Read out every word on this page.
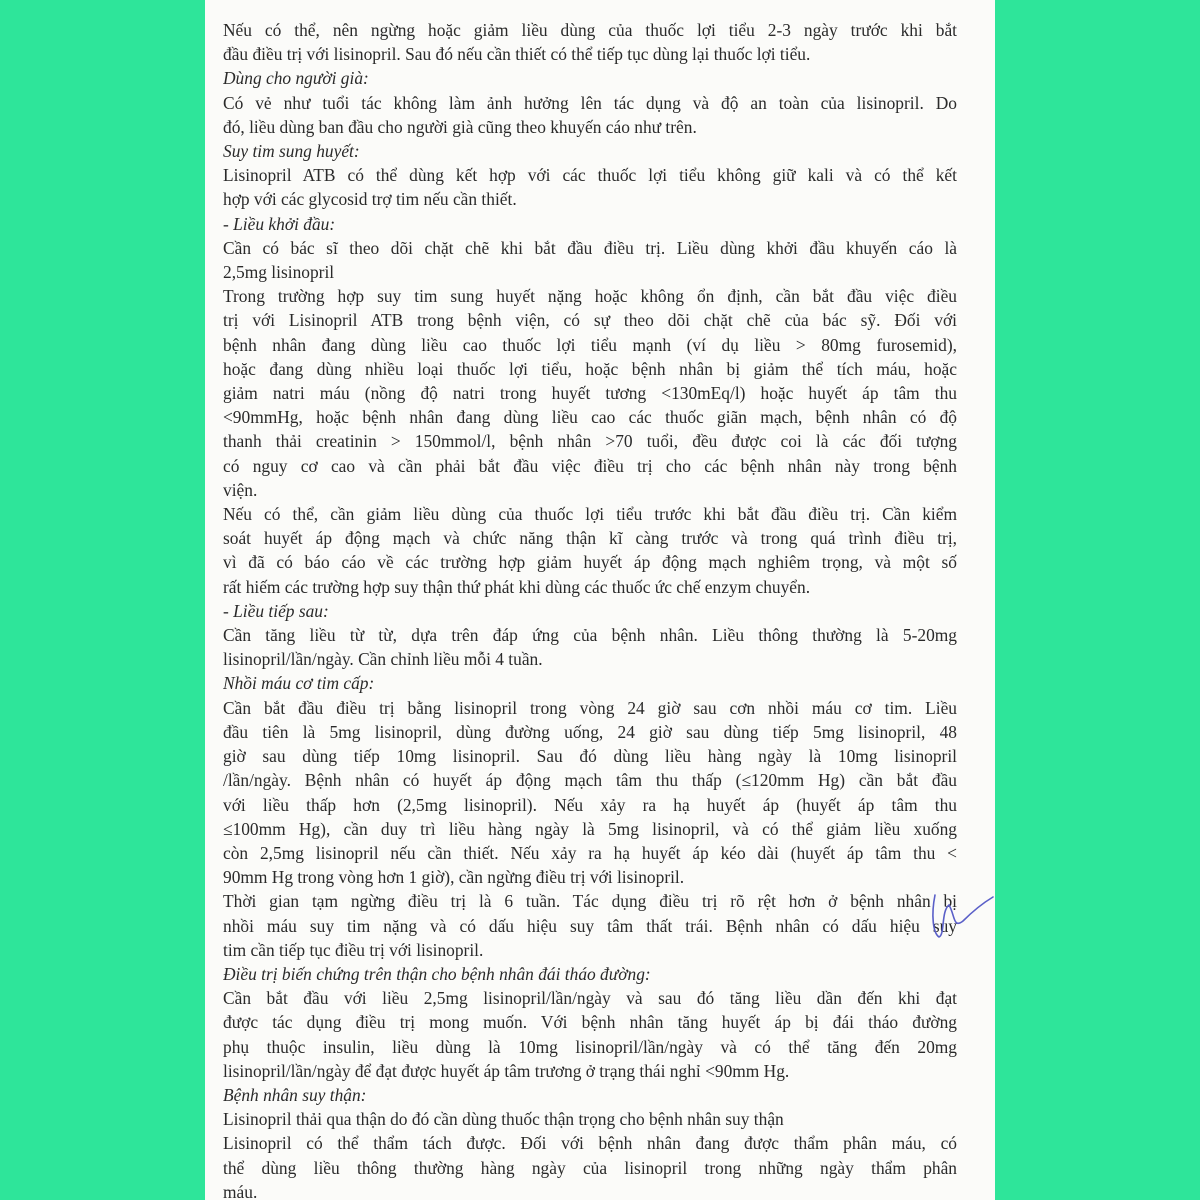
Nếu có thể, nên ngừng hoặc giảm liều dùng của thuốc lợi tiểu 2-3 ngày trước khi bắt
đầu điều trị với lisinopril. Sau đó nếu cần thiết có thể tiếp tục dùng lại thuốc lợi tiểu.
Dùng cho người già:
Có vẻ như tuổi tác không làm ảnh hưởng lên tác dụng và độ an toàn của lisinopril. Do
đó, liều dùng ban đầu cho người già cũng theo khuyến cáo như trên.
Suy tim sung huyết:
Lisinopril ATB có thể dùng kết hợp với các thuốc lợi tiểu không giữ kali và có thể kết
hợp với các glycosid trợ tim nếu cần thiết.
- Liều khởi đầu:
Cần có bác sĩ theo dõi chặt chẽ khi bắt đầu điều trị. Liều dùng khởi đầu khuyến cáo là
2,5mg lisinopril
Trong trường hợp suy tim sung huyết nặng hoặc không ổn định, cần bắt đầu việc điều
trị với Lisinopril ATB trong bệnh viện, có sự theo dõi chặt chẽ của bác sỹ. Đối với
bệnh nhân đang dùng liều cao thuốc lợi tiểu mạnh (ví dụ liều > 80mg furosemid),
hoặc đang dùng nhiều loại thuốc lợi tiểu, hoặc bệnh nhân bị giảm thể tích máu, hoặc
giảm natri máu (nồng độ natri trong huyết tương <130mEq/l) hoặc huyết áp tâm thu
<90mmHg, hoặc bệnh nhân đang dùng liều cao các thuốc giãn mạch, bệnh nhân có độ
thanh thải creatinin > 150mmol/l, bệnh nhân >70 tuổi, đều được coi là các đối tượng
có nguy cơ cao và cần phải bắt đầu việc điều trị cho các bệnh nhân này trong bệnh
viện.
Nếu có thể, cần giảm liều dùng của thuốc lợi tiểu trước khi bắt đầu điều trị. Cần kiểm
soát huyết áp động mạch và chức năng thận kĩ càng trước và trong quá trình điều trị,
vì đã có báo cáo về các trường hợp giảm huyết áp động mạch nghiêm trọng, và một số
rất hiếm các trường hợp suy thận thứ phát khi dùng các thuốc ức chế enzym chuyển.
- Liều tiếp sau:
Cần tăng liều từ từ, dựa trên đáp ứng của bệnh nhân. Liều thông thường là 5-20mg
lisinopril/lần/ngày. Cần chỉnh liều mỗi 4 tuần.
Nhồi máu cơ tim cấp:
Cần bắt đầu điều trị bằng lisinopril trong vòng 24 giờ sau cơn nhồi máu cơ tim. Liều
đầu tiên là 5mg lisinopril, dùng đường uống, 24 giờ sau dùng tiếp 5mg lisinopril, 48
giờ sau dùng tiếp 10mg lisinopril. Sau đó dùng liều hàng ngày là 10mg lisinopril
/lần/ngày. Bệnh nhân có huyết áp động mạch tâm thu thấp (≤120mm Hg) cần bắt đầu
với liều thấp hơn (2,5mg lisinopril). Nếu xảy ra hạ huyết áp (huyết áp tâm thu
≤100mm Hg), cần duy trì liều hàng ngày là 5mg lisinopril, và có thể giảm liều xuống
còn 2,5mg lisinopril nếu cần thiết. Nếu xảy ra hạ huyết áp kéo dài (huyết áp tâm thu <
90mm Hg trong vòng hơn 1 giờ), cần ngừng điều trị với lisinopril.
Thời gian tạm ngừng điều trị là 6 tuần. Tác dụng điều trị rõ rệt hơn ở bệnh nhân bị
nhồi máu suy tim nặng và có dấu hiệu suy tâm thất trái. Bệnh nhân có dấu hiệu suy
tim cần tiếp tục điều trị với lisinopril.
Điều trị biến chứng trên thận cho bệnh nhân đái tháo đường:
Cần bắt đầu với liều 2,5mg lisinopril/lần/ngày và sau đó tăng liều dần đến khi đạt
được tác dụng điều trị mong muốn. Với bệnh nhân tăng huyết áp bị đái tháo đường
phụ thuộc insulin, liều dùng là 10mg lisinopril/lần/ngày và có thể tăng đến 20mg
lisinopril/lần/ngày để đạt được huyết áp tâm trương ở trạng thái nghỉ <90mm Hg.
Bệnh nhân suy thận:
Lisinopril thải qua thận do đó cần dùng thuốc thận trọng cho bệnh nhân suy thận
Lisinopril có thể thẩm tách được. Đối với bệnh nhân đang được thẩm phân máu, có
thể dùng liều thông thường hàng ngày của lisinopril trong những ngày thẩm phân
máu.
